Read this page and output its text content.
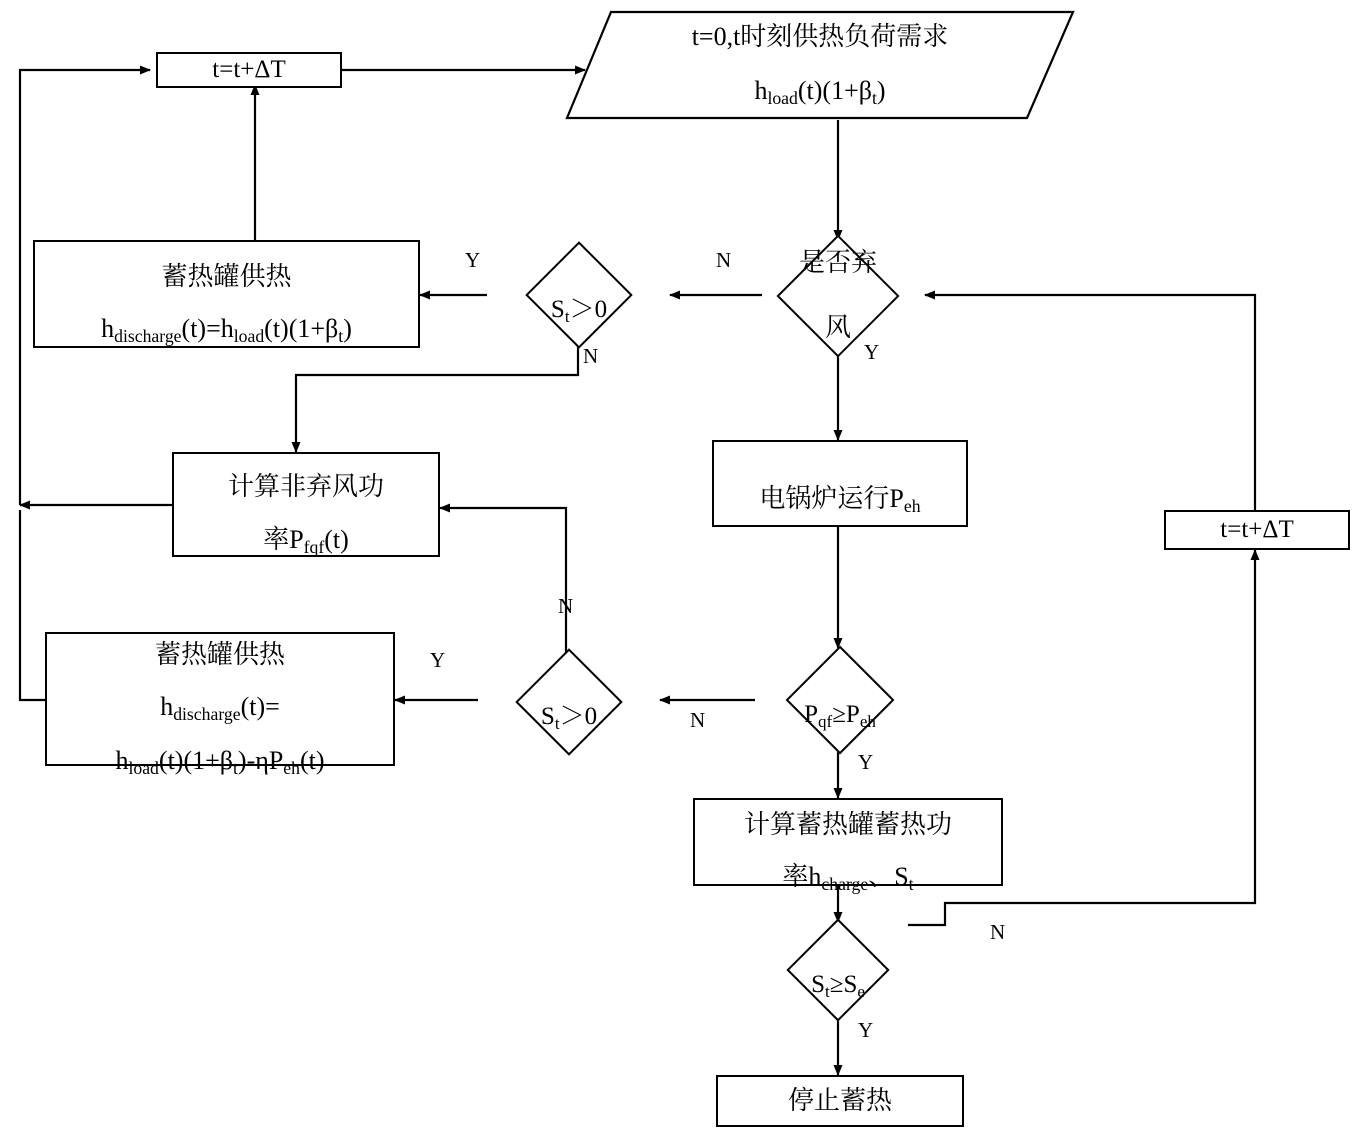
t=t+ΔT

t=0,t时刻供热负荷需求

$h_{load}(t)(1+\beta_t)$

是否弃

风

$S_t>0$

蓄热罐供热

$h_{discharge}(t)=h_{load}(t)(1+\beta_t)$

计算非弃风功

率$P_{fqf}(t)$

电锅炉运行$P_{eh}$

t=t+ΔT

蓄热罐供热

$h_{discharge}(t)=$

$h_{load}(t)(1+\beta_t)-\eta P_{eh}(t)$

$S_t>0$	
$P_{qf}\ge P_{eh}$

计算蓄热罐蓄热功

率$h_{charge}$、$S_t$

$S_t\ge S_e$

停止蓄热
Y	N
N	Y
N
Y
N
Y
N
Y
